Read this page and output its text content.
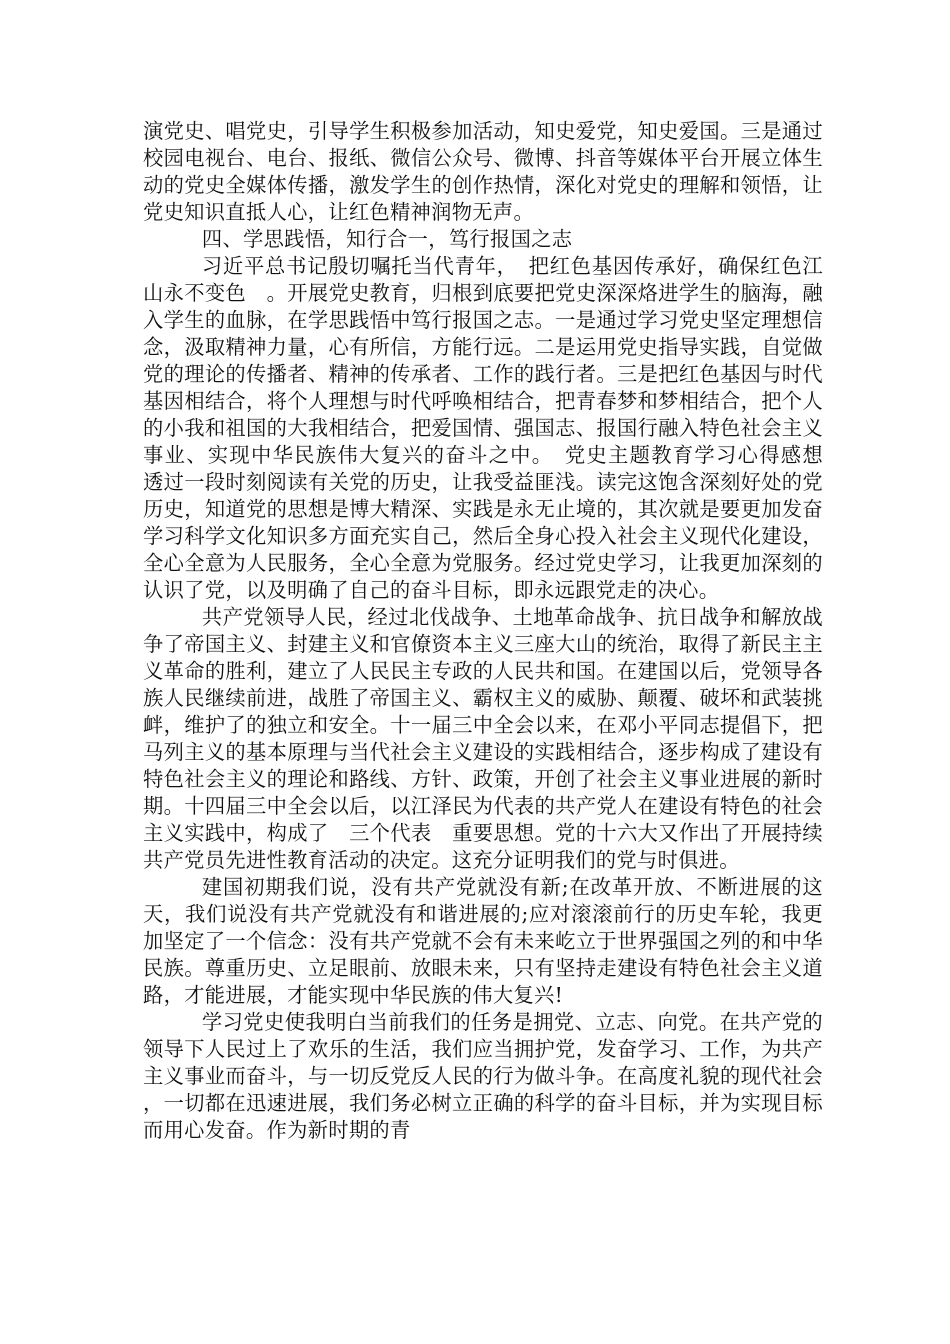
演党史、唱党史，引导学生积极参加活动，知史爱党，知史爱国。三是通过校园电视台、电台、报纸、微信公众号、微博、抖音等媒体平台开展立体生动的党史全媒体传播，激发学生的创作热情，深化对党史的理解和领悟，让党史知识直抵人心，让红色精神润物无声。

四、学思践悟，知行合一，笃行报国之志

习近平总书记殷切嘱托当代青年，　把红色基因传承好，确保红色江山永不变色　。开展党史教育，归根到底要把党史深深烙进学生的脑海，融入学生的血脉，在学思践悟中笃行报国之志。一是通过学习党史坚定理想信念，汲取精神力量，心有所信，方能行远。二是运用党史指导实践，自觉做党的理论的传播者、精神的传承者、工作的践行者。三是把红色基因与时代基因相结合，将个人理想与时代呼唤相结合，把青春梦和梦相结合，把个人的小我和祖国的大我相结合，把爱国情、强国志、报国行融入特色社会主义事业、实现中华民族伟大复兴的奋斗之中。　党史主题教育学习心得感想　透过一段时刻阅读有关党的历史，让我受益匪浅。读完这饱含深刻好处的党历史，知道党的思想是博大精深、实践是永无止境的，其次就是要更加发奋学习科学文化知识多方面充实自己，然后全身心投入社会主义现代化建设，全心全意为人民服务，全心全意为党服务。经过党史学习，让我更加深刻的认识了党，以及明确了自己的奋斗目标，即永远跟党走的决心。

共产党领导人民，经过北伐战争、土地革命战争、抗日战争和解放战争了帝国主义、封建主义和官僚资本主义三座大山的统治，取得了新民主主义革命的胜利，建立了人民民主专政的人民共和国。在建国以后，党领导各族人民继续前进，战胜了帝国主义、霸权主义的威胁、颠覆、破坏和武装挑衅，维护了的独立和安全。十一届三中全会以来，在邓小平同志提倡下，把马列主义的基本原理与当代社会主义建设的实践相结合，逐步构成了建设有特色社会主义的理论和路线、方针、政策，开创了社会主义事业进展的新时期。十四届三中全会以后，以江泽民为代表的共产党人在建设有特色的社会主义实践中，构成了　三个代表　重要思想。党的十六大又作出了开展持续共产党员先进性教育活动的决定。这充分证明我们的党与时俱进。

建国初期我们说，没有共产党就没有新;在改革开放、不断进展的这天，我们说没有共产党就没有和谐进展的;应对滚滚前行的历史车轮，我更加坚定了一个信念：没有共产党就不会有未来屹立于世界强国之列的和中华民族。尊重历史、立足眼前、放眼未来，只有坚持走建设有特色社会主义道路，才能进展，才能实现中华民族的伟大复兴!

学习党史使我明白当前我们的任务是拥党、立志、向党。在共产党的领导下人民过上了欢乐的生活，我们应当拥护党，发奋学习、工作，为共产主义事业而奋斗，与一切反党反人民的行为做斗争。在高度礼貌的现代社会，一切都在迅速进展，我们务必树立正确的科学的奋斗目标，并为实现目标而用心发奋。作为新时期的青
